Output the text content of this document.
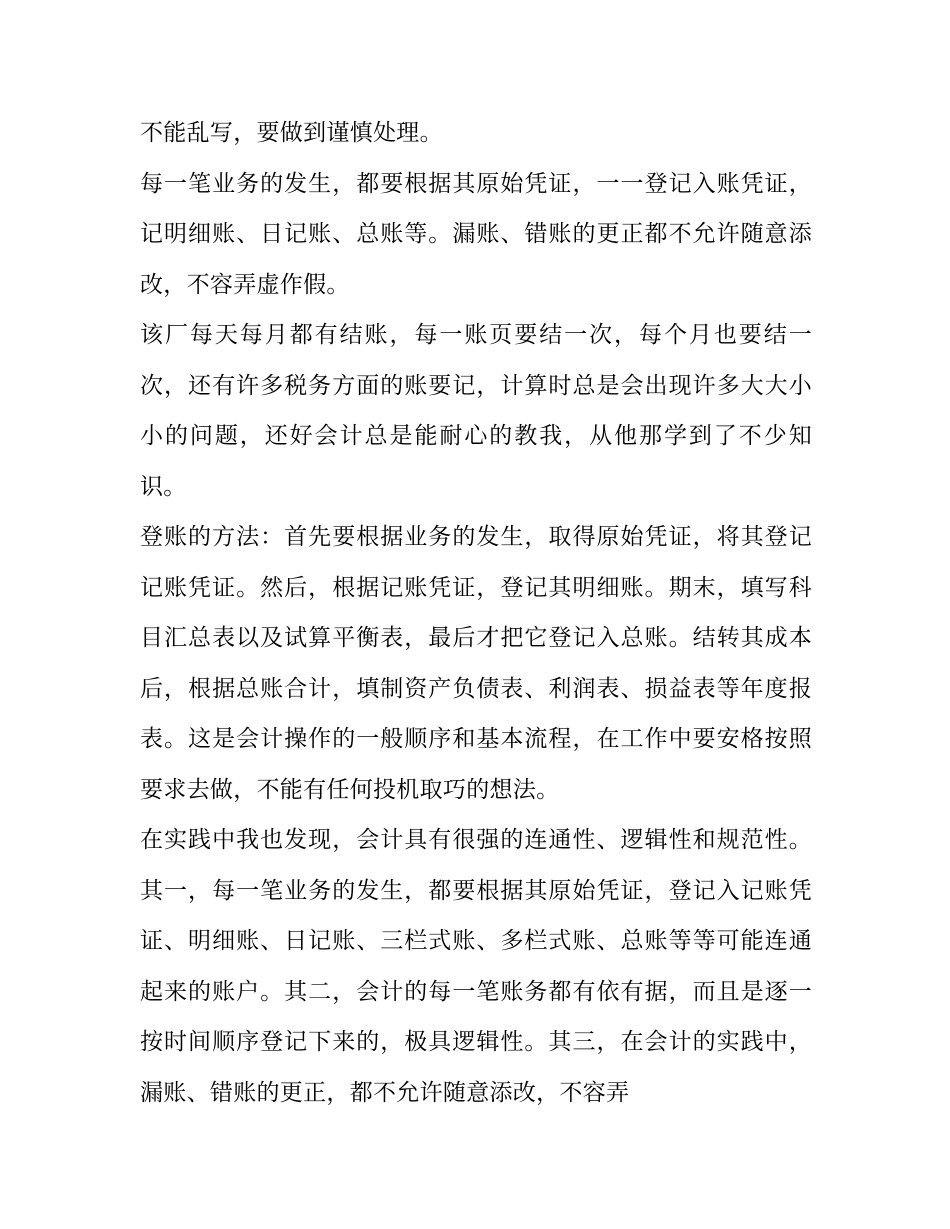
不能乱写，要做到谨慎处理。

每一笔业务的发生，都要根据其原始凭证，一一登记入账凭证，记明细账、日记账、总账等。漏账、错账的更正都不允许随意添改，不容弄虚作假。

该厂每天每月都有结账，每一账页要结一次，每个月也要结一次，还有许多税务方面的账要记，计算时总是会出现许多大大小小的问题，还好会计总是能耐心的教我，从他那学到了不少知识。

登账的方法：首先要根据业务的发生，取得原始凭证，将其登记记账凭证。然后，根据记账凭证，登记其明细账。期末，填写科目汇总表以及试算平衡表，最后才把它登记入总账。结转其成本后，根据总账合计，填制资产负债表、利润表、损益表等年度报表。这是会计操作的一般顺序和基本流程，在工作中要安格按照要求去做，不能有任何投机取巧的想法。

在实践中我也发现，会计具有很强的连通性、逻辑性和规范性。其一，每一笔业务的发生，都要根据其原始凭证，登记入记账凭证、明细账、日记账、三栏式账、多栏式账、总账等等可能连通起来的账户。其二，会计的每一笔账务都有依有据，而且是逐一按时间顺序登记下来的，极具逻辑性。其三，在会计的实践中，漏账、错账的更正，都不允许随意添改，不容弄
